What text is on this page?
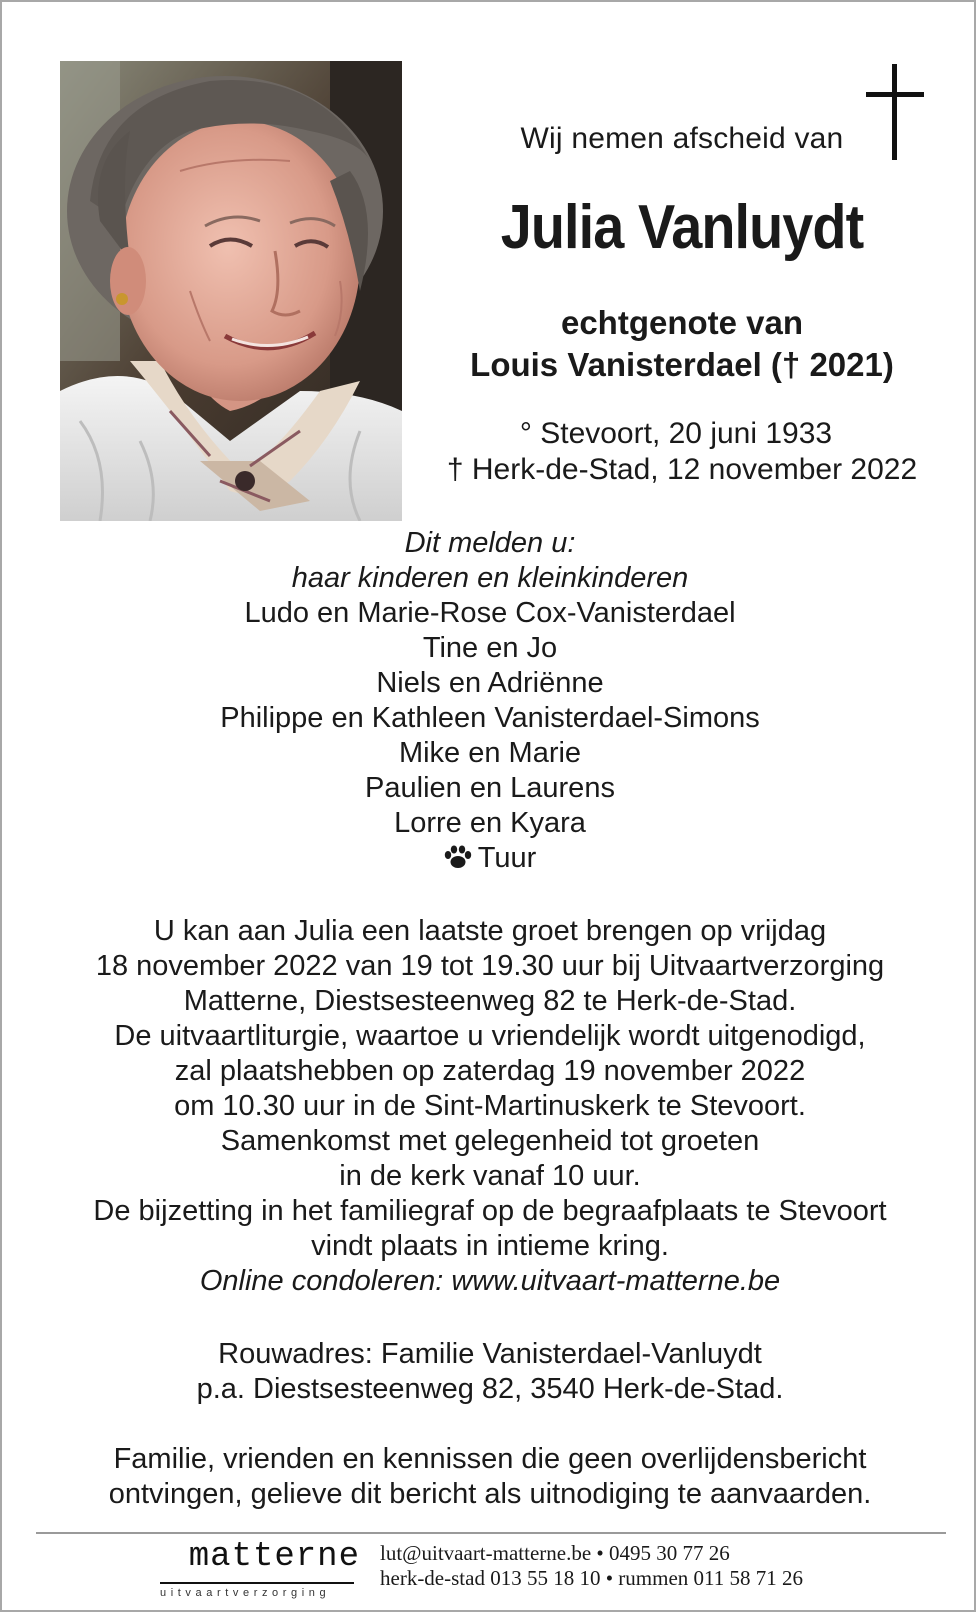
Wij nemen afscheid van
Julia Vanluydt
echtgenote van
Louis Vanisterdael († 2021)
° Stevoort, 20 juni 1933
† Herk-de-Stad, 12 november 2022
Dit melden u:
haar kinderen en kleinkinderen
Ludo en Marie-Rose Cox-Vanisterdael
Tine en Jo
Niels en Adriënne
Philippe en Kathleen Vanisterdael-Simons
Mike en Marie
Paulien en Laurens
Lorre en Kyara
Tuur
U kan aan Julia een laatste groet brengen op vrijdag
18 november 2022 van 19 tot 19.30 uur bij Uitvaartverzorging
Matterne, Diestsesteenweg 82 te Herk-de-Stad.
De uitvaartliturgie, waartoe u vriendelijk wordt uitgenodigd,
zal plaatshebben op zaterdag 19 november 2022
om 10.30 uur in de Sint-Martinuskerk te Stevoort.
Samenkomst met gelegenheid tot groeten
in de kerk vanaf 10 uur.
De bijzetting in het familiegraf op de begraafplaats te Stevoort
vindt plaats in intieme kring.
Online condoleren: www.uitvaart-matterne.be
Rouwadres: Familie Vanisterdael-Vanluydt
p.a. Diestsesteenweg 82, 3540 Herk-de-Stad.
Familie, vrienden en kennissen die geen overlijdensbericht
ontvingen, gelieve dit bericht als uitnodiging te aanvaarden.
matterne
uitvaartverzorging
lut@uitvaart-matterne.be • 0495 30 77 26
herk-de-stad 013 55 18 10 • rummen 011 58 71 26
